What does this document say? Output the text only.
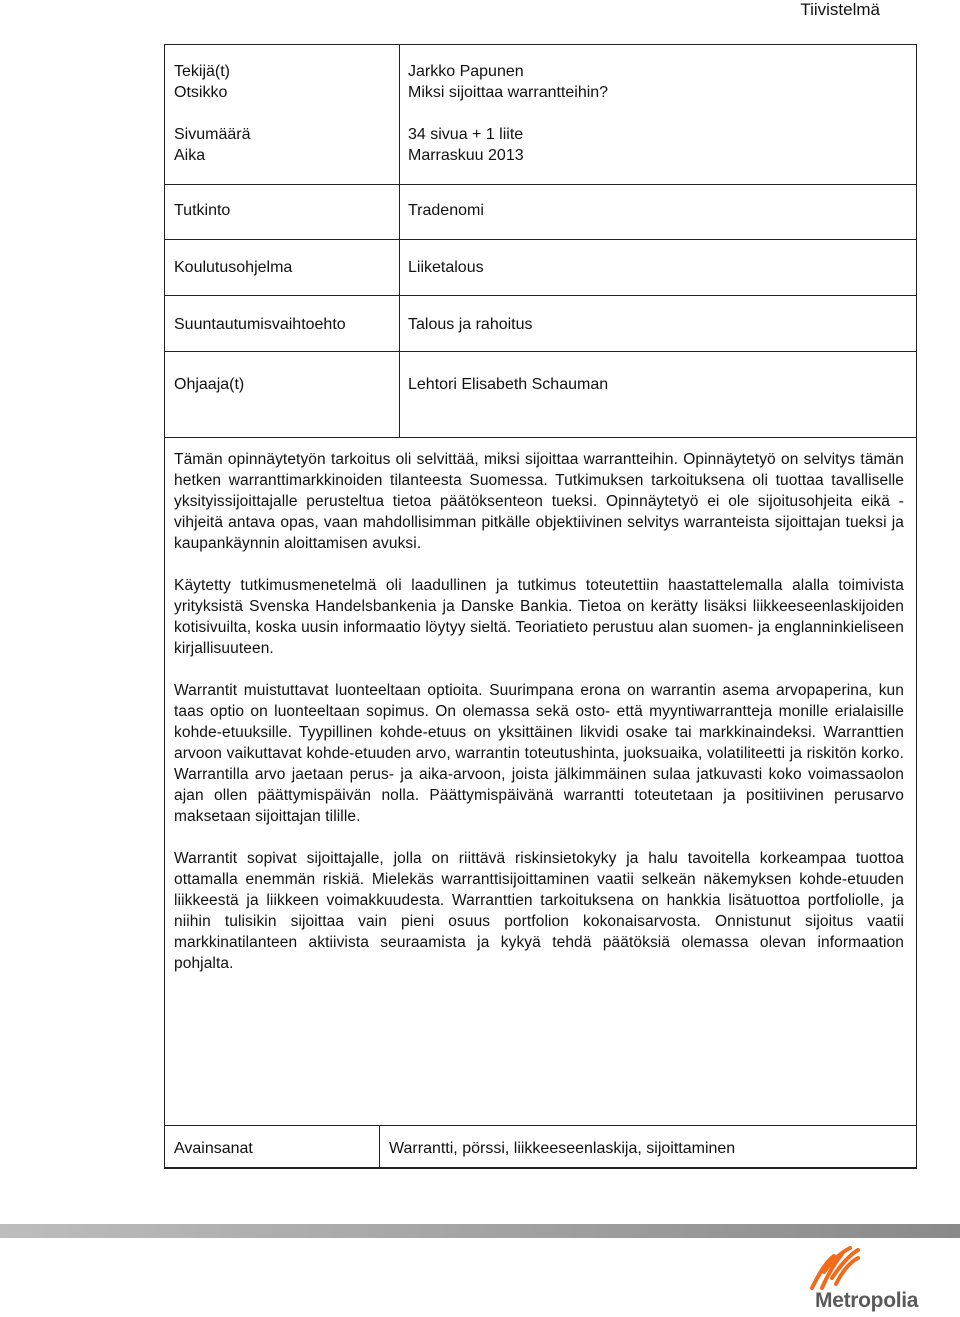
Tiivistelmä
Tekijä(t)	Jarkko Papunen
Otsikko	Miksi sijoittaa warrantteihin?
Sivumäärä	34 sivua + 1 liite
Aika	Marraskuu 2013
Tutkinto	Tradenomi
Koulutusohjelma	Liiketalous
Suuntautumisvaihtoehto	Talous ja rahoitus
Ohjaaja(t)	Lehtori Elisabeth Schauman

Tämän opinnäytetyön tarkoitus oli selvittää, miksi sijoittaa warrantteihin. Opinnäytetyö on selvitys tämän hetken warranttimarkkinoiden tilanteesta Suomessa. Tutkimuksen tarkoituksena oli tuottaa tavalliselle yksityissijoittajalle perusteltua tietoa päätöksenteon tueksi. Opinnäytetyö ei ole sijoitusohjeita eikä -vihjeitä antava opas, vaan mahdollisimman pitkälle objektiivinen selvitys warranteista sijoittajan tueksi ja kaupankäynnin aloittamisen avuksi.

Käytetty tutkimusmenetelmä oli laadullinen ja tutkimus toteutettiin haastattelemalla alalla toimivista yrityksistä Svenska Handelsbankenia ja Danske Bankia. Tietoa on kerätty lisäksi liikkeeseenlaskijoiden kotisivuilta, koska uusin informaatio löytyy sieltä. Teoriatieto perustuu alan suomen- ja englanninkieliseen kirjallisuuteen.

Warrantit muistuttavat luonteeltaan optioita. Suurimpana erona on warrantin asema arvopaperina, kun taas optio on luonteeltaan sopimus. On olemassa sekä osto- että myyntiwarrantteja monille erialaisille kohde-etuuksille. Tyypillinen kohde-etuus on yksittäinen likvidi osake tai markkinaindeksi. Warranttien arvoon vaikuttavat kohde-etuuden arvo, warrantin toteutushinta, juoksuaika, volatiliteetti ja riskitön korko. Warrantilla arvo jaetaan perus- ja aika-arvoon, joista jälkimmäinen sulaa jatkuvasti koko voimassaolon ajan ollen päättymispäivän nolla. Päättymispäivänä warrantti toteutetaan ja positiivinen perusarvo maksetaan sijoittajan tilille.

Warrantit sopivat sijoittajalle, jolla on riittävä riskinsietokyky ja halu tavoitella korkeampaa tuottoa ottamalla enemmän riskiä. Mielekäs warranttisijoittaminen vaatii selkeän näkemyksen kohde-etuuden liikkeestä ja liikkeen voimakkuudesta. Warranttien tarkoituksena on hankkia lisätuottoa portfoliolle, ja niihin tulisikin sijoittaa vain pieni osuus portfolion kokonaisarvosta. Onnistunut sijoitus vaatii markkinatilanteen aktiivista seuraamista ja kykyä tehdä päätöksiä olemassa olevan informaation pohjalta.

Avainsanat	Warrantti, pörssi, liikkeeseenlaskija, sijoittaminen
Metropolia
